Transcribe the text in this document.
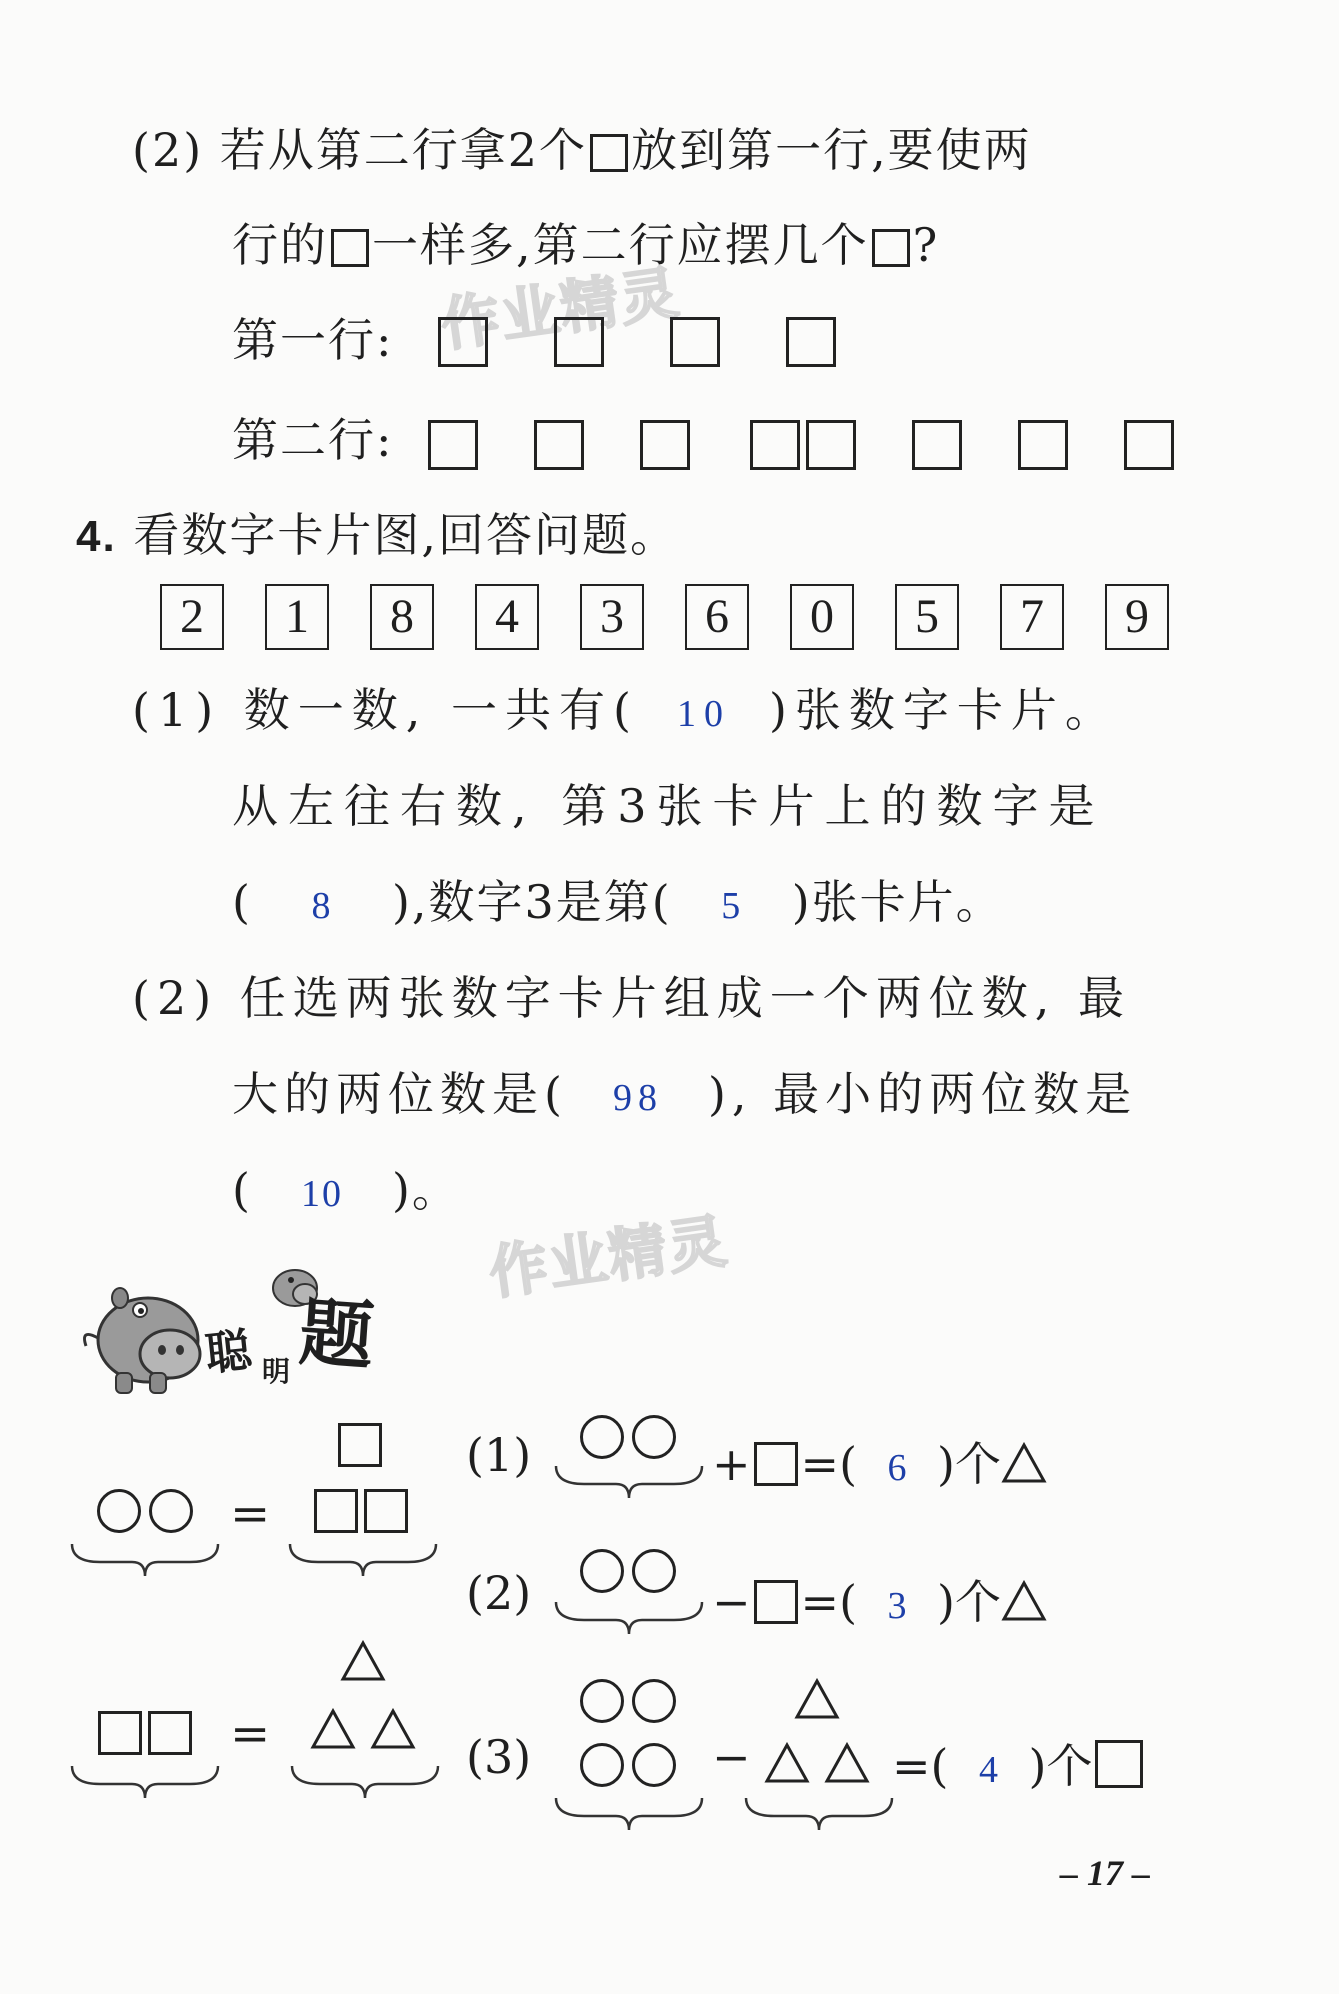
作业精灵
作业精灵
(2) 若从第二行拿2个 放到第一行,要使两
行的 一样多,第二行应摆几个 ?
第一行:
第二行:
4. 看数字卡片图,回答问题。
2	1	8	4	3	6	0	5	7	9
(1) 数一数, 一共有( 10 )张数字卡片。
从左往右数, 第3张卡片上的数字是
( 8 ),数字3是第( 5 )张卡片。
(2) 任选两张数字卡片组成一个两位数, 最
大的两位数是( 98 ), 最小的两位数是
( 10 )。
聪 明 题
=
=
(1)	+ =( 6 )个
(2)	− =( 3 )个
(3)	−	=( 4 )个
– 17 –
